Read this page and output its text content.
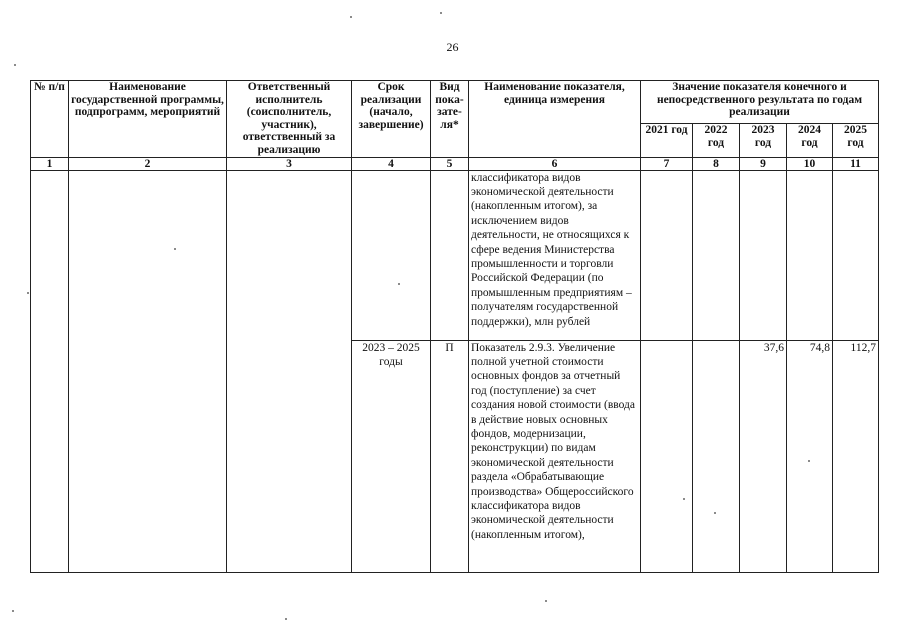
26
№ п/п	Наименование государственной программы, подпрограмм, мероприятий	Ответственный исполнитель (соисполнитель, участник), ответственный за реализацию	Срок реализации (начало, завершение)	Вид пока-зате-ля*	Наименование показателя, единица измерения	Значение показателя конечного и непосредственного результата по годам реализации				
						2021 год	2022 год	2023 год	2024 год	2025 год
1	2	3	4	5	6	7	8	9	10	11
					классификатора видов экономической деятельности (накопленным итогом), за исключением видов деятельности, не относящихся к сфере ведения Министерства промышленности и торговли Российской Федерации (по промышленным предприятиям – получателям государственной поддержки), млн рублей					
			2023 – 2025 годы	П	Показатель 2.9.3. Увеличение полной учетной стоимости основных фондов за отчетный год (поступление) за счет создания новой стоимости (ввода в действие новых основных фондов, модернизации, реконструкции) по видам экономической деятельности раздела «Обрабатывающие производства» Общероссийского классификатора видов экономической деятельности (накопленным итогом),			37,6	74,8	112,7
